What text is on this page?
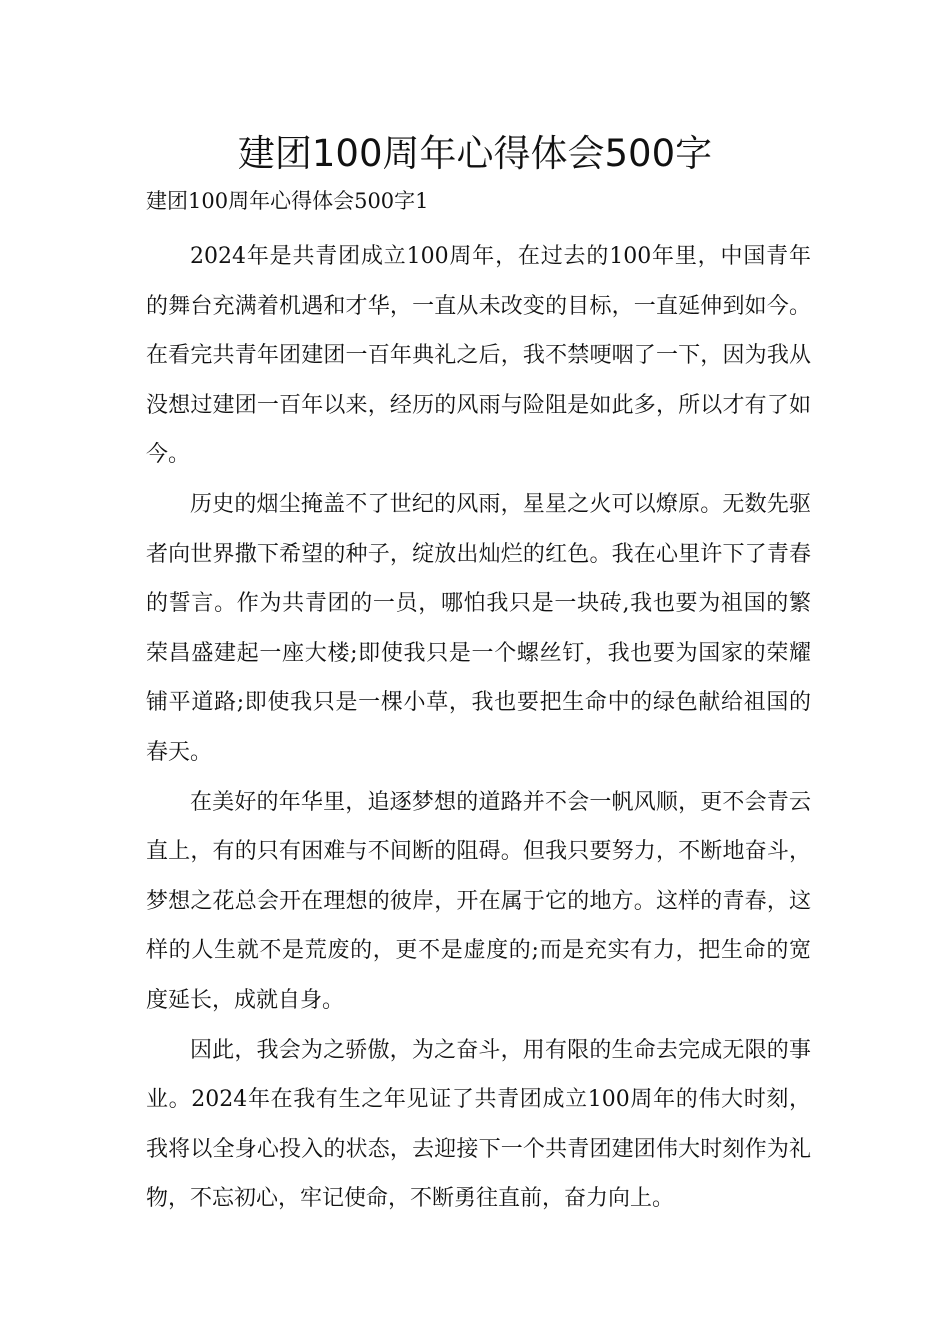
建团100周年心得体会500字

建团100周年心得体会500字1

2024年是共青团成立100周年，在过去的100年里，中国青年的舞台充满着机遇和才华，一直从未改变的目标，一直延伸到如今。在看完共青年团建团一百年典礼之后，我不禁哽咽了一下，因为我从没想过建团一百年以来，经历的风雨与险阻是如此多，所以才有了如今。

历史的烟尘掩盖不了世纪的风雨，星星之火可以燎原。无数先驱者向世界撒下希望的种子，绽放出灿烂的红色。我在心里许下了青春的誓言。作为共青团的一员，哪怕我只是一块砖,我也要为祖国的繁荣昌盛建起一座大楼;即使我只是一个螺丝钉，我也要为国家的荣耀铺平道路;即使我只是一棵小草，我也要把生命中的绿色献给祖国的春天。

在美好的年华里，追逐梦想的道路并不会一帆风顺，更不会青云直上，有的只有困难与不间断的阻碍。但我只要努力，不断地奋斗，梦想之花总会开在理想的彼岸，开在属于它的地方。这样的青春，这样的人生就不是荒废的，更不是虚度的;而是充实有力，把生命的宽度延长，成就自身。

因此，我会为之骄傲，为之奋斗，用有限的生命去完成无限的事业。2024年在我有生之年见证了共青团成立100周年的伟大时刻，我将以全身心投入的状态，去迎接下一个共青团建团伟大时刻作为礼物，不忘初心，牢记使命，不断勇往直前，奋力向上。
